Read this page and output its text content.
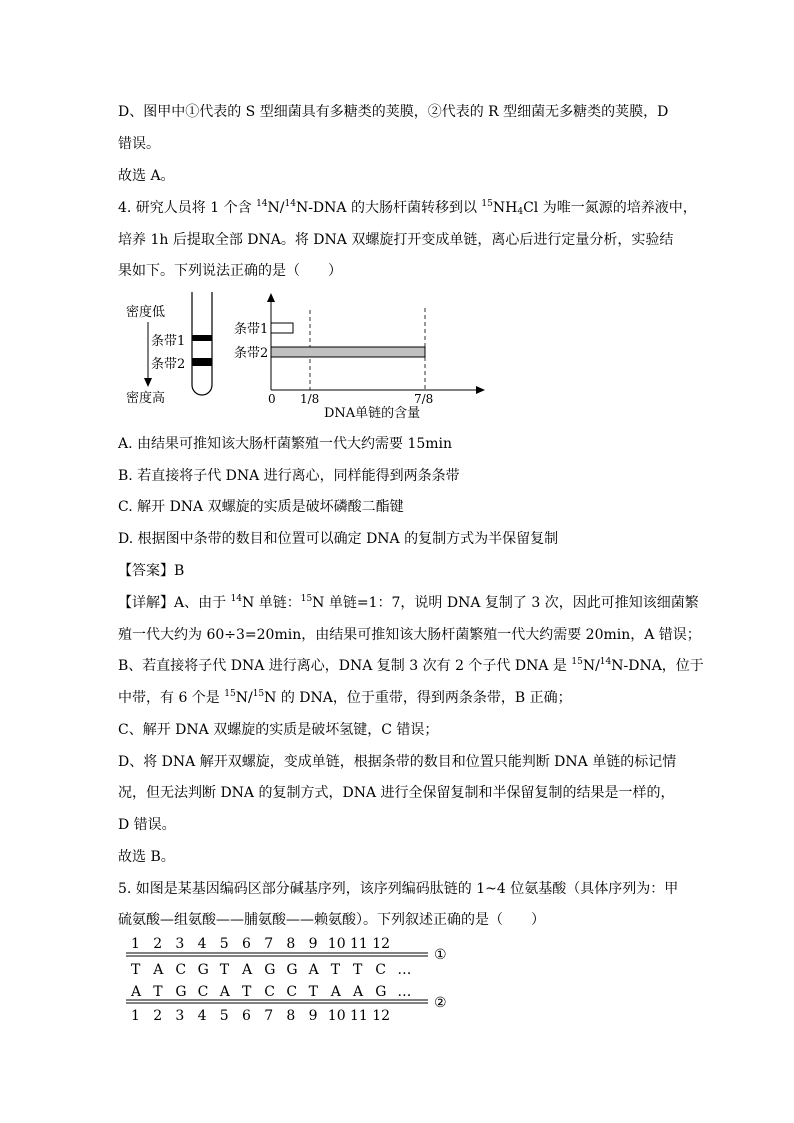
D、图甲中①代表的 S 型细菌具有多糖类的荚膜，②代表的 R 型细菌无多糖类的荚膜，D
错误。
故选 A。
4. 研究人员将 1 个含 $^{14}$N/$^{14}$N-DNA 的大肠杆菌转移到以 $^{15}NH_4Cl$ 为唯一氮源的培养液中，
培养 1h 后提取全部 DNA。将 DNA 双螺旋打开变成单链，离心后进行定量分析，实验结
果如下。下列说法正确的是（　　）
密度低
条带1
条带2
密度高
条带1
条带2
0 1/8	7/8
DNA单链的含量
A. 由结果可推知该大肠杆菌繁殖一代大约需要 15min
B. 若直接将子代 DNA 进行离心，同样能得到两条条带
C. 解开 DNA 双螺旋的实质是破坏磷酸二酯键
D. 根据图中条带的数目和位置可以确定 DNA 的复制方式为半保留复制
【答案】B
【详解】A、由于 $^{14}$N 单链：$^{15}$N 单链=1：7，说明 DNA 复制了 3 次，因此可推知该细菌繁
殖一代大约为 60÷3=20min，由结果可推知该大肠杆菌繁殖一代大约需要 20min，A 错误；
B、若直接将子代 DNA 进行离心，DNA 复制 3 次有 2 个子代 DNA 是 $^{15}$N/$^{14}$N-DNA，位于
中带，有 6 个是 $^{15}$N/$^{15}$N 的 DNA，位于重带，得到两条条带，B 正确；
C、解开 DNA 双螺旋的实质是破坏氢键，C 错误；
D、将 DNA 解开双螺旋，变成单链，根据条带的数目和位置只能判断 DNA 单链的标记情
况，但无法判断 DNA 的复制方式，DNA 进行全保留复制和半保留复制的结果是一样的，
D 错误。
故选 B。
5. 如图是某基因编码区部分碱基序列，该序列编码肽链的 1~4 位氨基酸（具体序列为：甲
硫氨酸—组氨酸——脯氨酸——赖氨酸）。下列叙述正确的是（　　）
1 2 3 4 5 6 7 8 9 10 11 12
T A C G T A G G A T T C …
①
A T G C A T C C T A A G …
②
1 2 3 4 5 6 7 8 9 10 11 12
